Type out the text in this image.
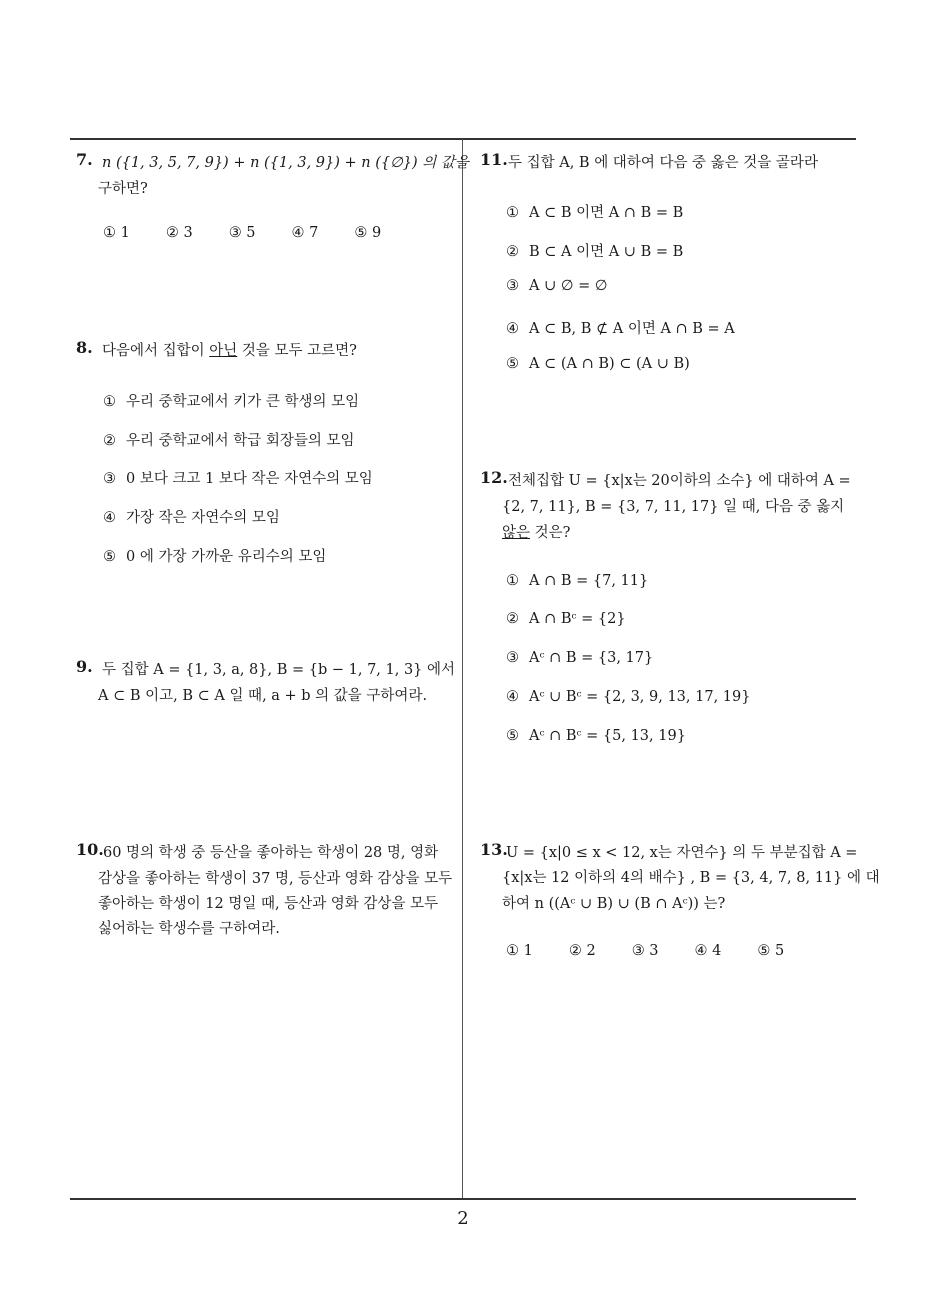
7. n ({1, 3, 5, 7, 9}) + n ({1, 3, 9}) + n ({∅}) 의 값을
구하면?
① 1 ② 3 ③ 5 ④ 7 ⑤ 9
8. 다음에서 집합이 아닌 것을 모두 고르면?
① 우리 중학교에서 키가 큰 학생의 모임
② 우리 중학교에서 학급 회장들의 모임
③ 0 보다 크고 1 보다 작은 자연수의 모임
④ 가장 작은 자연수의 모임
⑤ 0 에 가장 가까운 유리수의 모임
9. 두 집합 A = {1, 3, a, 8}, B = {b − 1, 7, 1, 3} 에서
A ⊂ B 이고, B ⊂ A 일 때, a + b 의 값을 구하여라.
10. 60 명의 학생 중 등산을 좋아하는 학생이 28 명, 영화
감상을 좋아하는 학생이 37 명, 등산과 영화 감상을 모두
좋아하는 학생이 12 명일 때, 등산과 영화 감상을 모두
싫어하는 학생수를 구하여라.
11. 두 집합 A, B 에 대하여 다음 중 옳은 것을 골라라
① A ⊂ B 이면 A ∩ B = B
② B ⊂ A 이면 A ∪ B = B
③ A ∪ ∅ = ∅
④ A ⊂ B, B ⊄ A 이면 A ∩ B = A
⑤ A ⊂ (A ∩ B) ⊂ (A ∪ B)
12. 전체집합 U = {x|x는 20이하의 소수} 에 대하여 A =
{2, 7, 11}, B = {3, 7, 11, 17} 일 때, 다음 중 옳지
않은 것은?
① A ∩ B = {7, 11}
② A ∩ Bᶜ = {2}
③ Aᶜ ∩ B = {3, 17}
④ Aᶜ ∪ Bᶜ = {2, 3, 9, 13, 17, 19}
⑤ Aᶜ ∩ Bᶜ = {5, 13, 19}
13.
U = {x|0 ≤ x < 12, x는 자연수} 의 두 부분집합 A =
{x|x는 12 이하의 4의 배수} , B = {3, 4, 7, 8, 11} 에 대
하여 n ((Aᶜ ∪ B) ∪ (B ∩ Aᶜ)) 는?
① 1 ② 2 ③ 3 ④ 4 ⑤ 5
2
